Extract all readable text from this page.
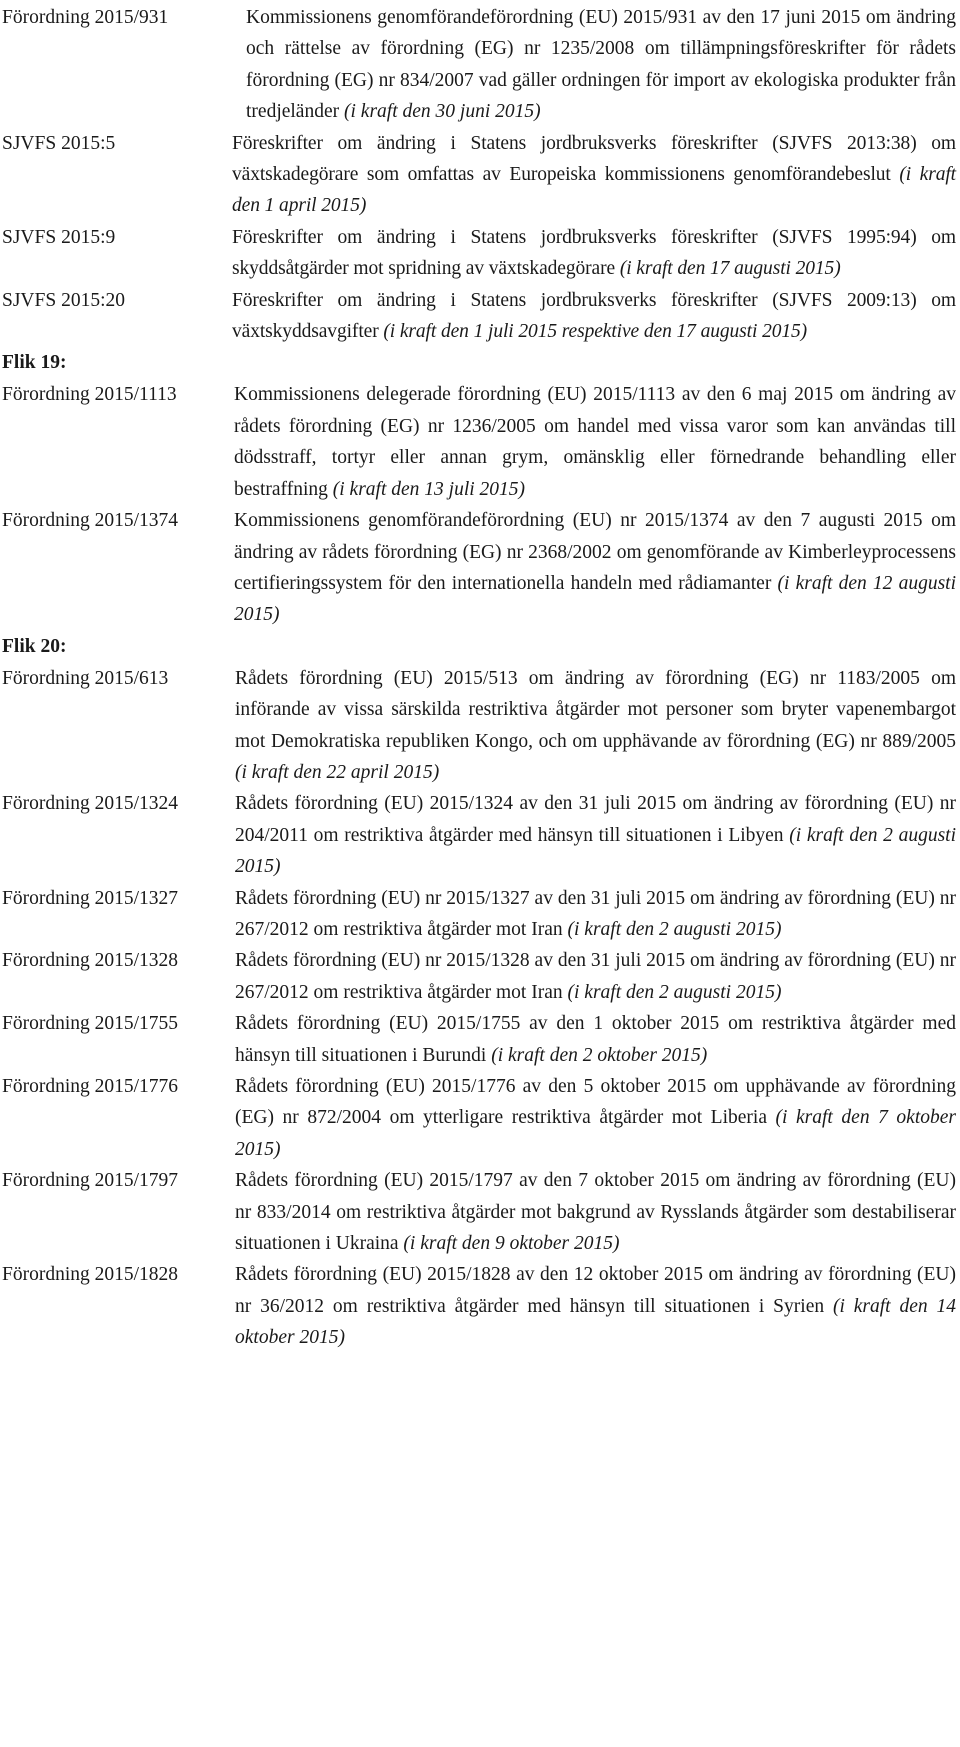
Förordning 2015/931	Kommissionens genomförandeförordning (EU) 2015/931 av den 17 juni 2015 om ändring och rättelse av förordning (EG) nr 1235/2008 om tillämpningsföreskrifter för rådets förordning (EG) nr 834/2007 vad gäller ordningen för import av ekologiska produkter från tredjeländer (i kraft den 30 juni 2015)
SJVFS 2015:5	Föreskrifter om ändring i Statens jordbruksverks föreskrifter (SJVFS 2013:38) om växtskadegörare som omfattas av Europeiska kommissionens genomförandebeslut (i kraft den 1 april 2015)
SJVFS 2015:9	Föreskrifter om ändring i Statens jordbruksverks föreskrifter (SJVFS 1995:94) om skyddsåtgärder mot spridning av växtskadegörare (i kraft den 17 augusti 2015)
SJVFS 2015:20	Föreskrifter om ändring i Statens jordbruksverks föreskrifter (SJVFS 2009:13) om växtskyddsavgifter (i kraft den 1 juli 2015 respektive den 17 augusti 2015)
Flik 19:
Förordning 2015/1113	Kommissionens delegerade förordning (EU) 2015/1113 av den 6 maj 2015 om ändring av rådets förordning (EG) nr 1236/2005 om handel med vissa varor som kan användas till dödsstraff, tortyr eller annan grym, omänsklig eller förnedrande behandling eller bestraffning (i kraft den 13 juli 2015)
Förordning 2015/1374	Kommissionens genomförandeförordning (EU) nr 2015/1374 av den 7 augusti 2015 om ändring av rådets förordning (EG) nr 2368/2002 om genomförande av Kimberleyprocessens certifieringssystem för den internationella handeln med rådiamanter (i kraft den 12 augusti 2015)
Flik 20:
Förordning 2015/613	Rådets förordning (EU) 2015/513 om ändring av förordning (EG) nr 1183/2005 om införande av vissa särskilda restriktiva åtgärder mot personer som bryter vapenembargot mot Demokratiska republiken Kongo, och om upphävande av förordning (EG) nr 889/2005 (i kraft den 22 april 2015)
Förordning 2015/1324	Rådets förordning (EU) 2015/1324 av den 31 juli 2015 om ändring av förordning (EU) nr 204/2011 om restriktiva åtgärder med hänsyn till situationen i Libyen (i kraft den 2 augusti 2015)
Förordning 2015/1327	Rådets förordning (EU) nr 2015/1327 av den 31 juli 2015 om ändring av förordning (EU) nr 267/2012 om restriktiva åtgärder mot Iran (i kraft den 2 augusti 2015)
Förordning 2015/1328	Rådets förordning (EU) nr 2015/1328 av den 31 juli 2015 om ändring av förordning (EU) nr 267/2012 om restriktiva åtgärder mot Iran (i kraft den 2 augusti 2015)
Förordning 2015/1755	Rådets förordning (EU) 2015/1755 av den 1 oktober 2015 om restriktiva åtgärder med hänsyn till situationen i Burundi (i kraft den 2 oktober 2015)
Förordning 2015/1776	Rådets förordning (EU) 2015/1776 av den 5 oktober 2015 om upphävande av förordning (EG) nr 872/2004 om ytterligare restriktiva åtgärder mot Liberia (i kraft den 7 oktober 2015)
Förordning 2015/1797	Rådets förordning (EU) 2015/1797 av den 7 oktober 2015 om ändring av förordning (EU) nr 833/2014 om restriktiva åtgärder mot bakgrund av Rysslands åtgärder som destabiliserar situationen i Ukraina (i kraft den 9 oktober 2015)
Förordning 2015/1828	Rådets förordning (EU) 2015/1828 av den 12 oktober 2015 om ändring av förordning (EU) nr 36/2012 om restriktiva åtgärder med hänsyn till situationen i Syrien (i kraft den 14 oktober 2015)
